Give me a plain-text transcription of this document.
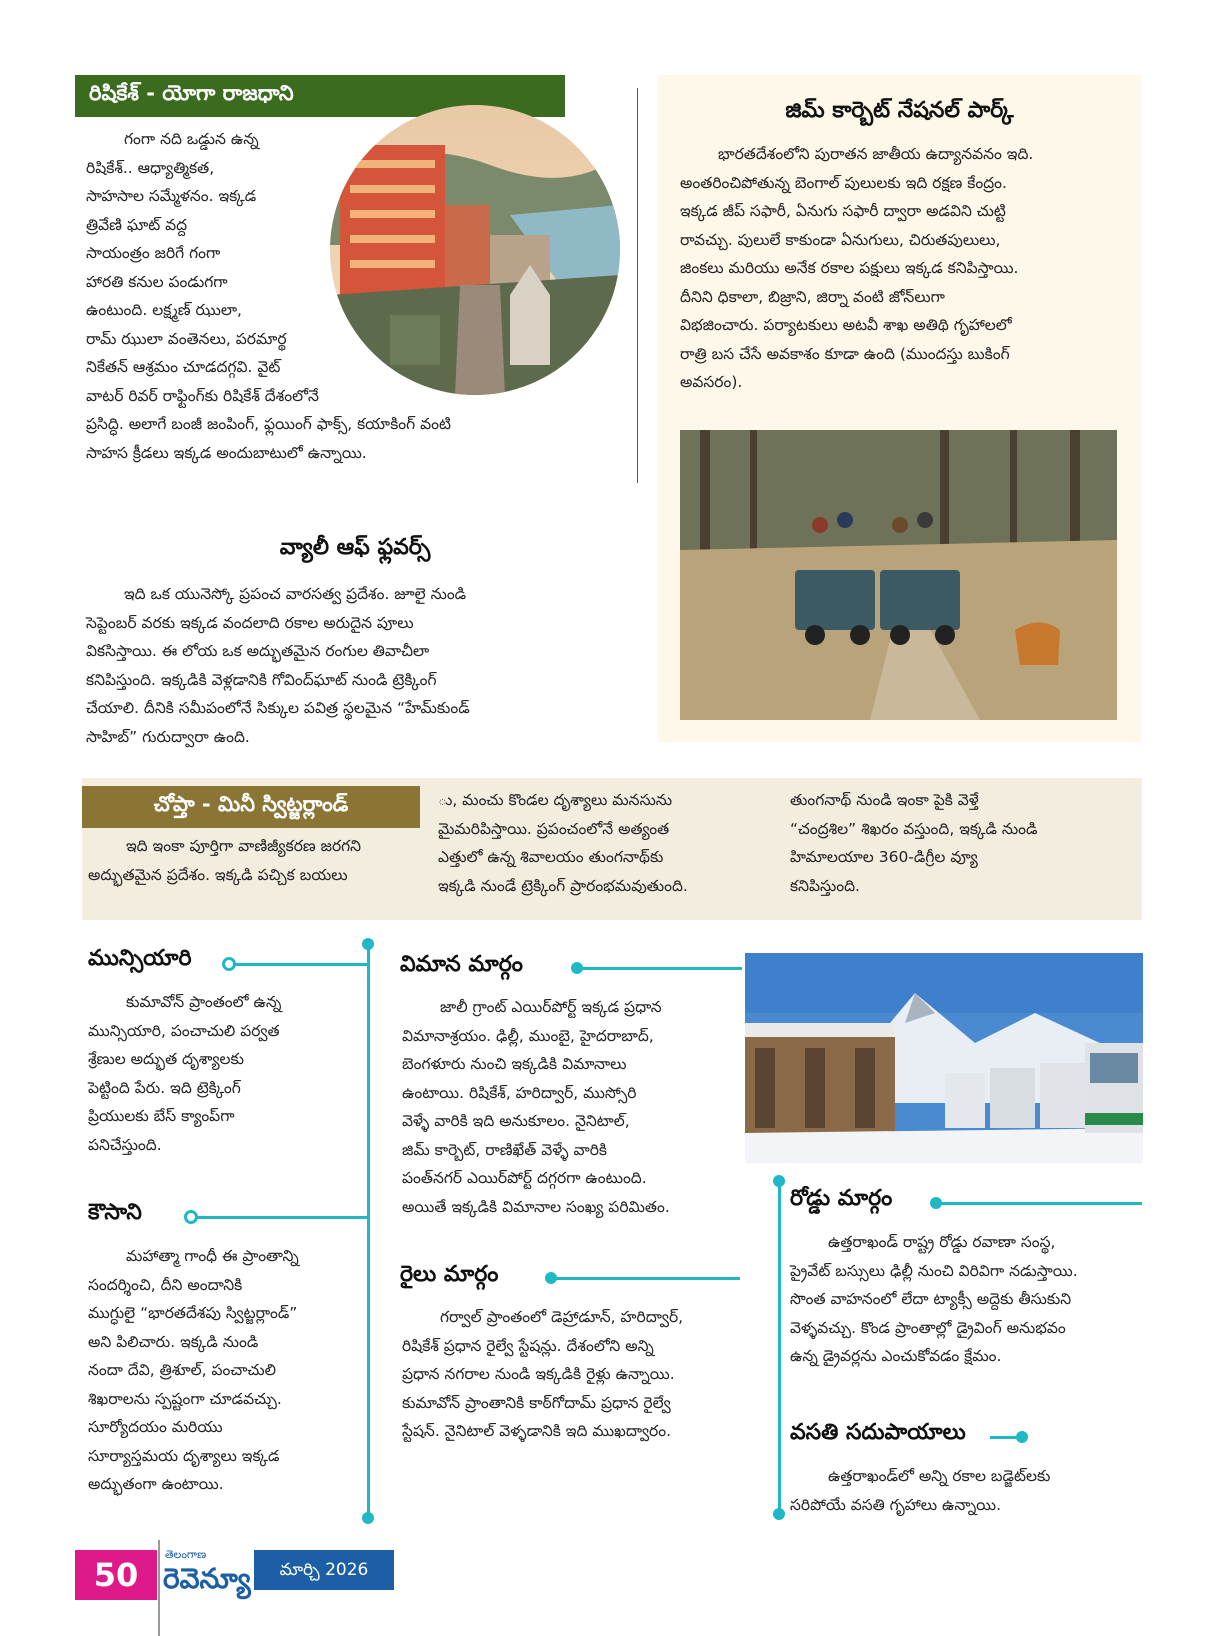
రిషికేశ్ - యోగా రాజధాని

గంగా నది ఒడ్డున ఉన్న

రిషికేశ్.. ఆధ్యాత్మికత,

సాహసాల సమ్మేళనం. ఇక్కడ

త్రివేణి ఘాట్ వద్ద

సాయంత్రం జరిగే గంగా

హారతి కనుల పండుగగా

ఉంటుంది. లక్ష్మణ్ ఝులా,

రామ్ ఝులా వంతెనలు, పరమార్థ

నికేతన్ ఆశ్రమం చూడదగ్గవి. వైట్

వాటర్ రివర్ రాఫ్టింగ్‌కు రిషికేశ్ దేశంలోనే

ప్రసిద్ధి. అలాగే బంజీ జంపింగ్, ఫ్లయింగ్ ఫాక్స్, కయాకింగ్ వంటి

సాహస క్రీడలు ఇక్కడ అందుబాటులో ఉన్నాయి.

జిమ్ కార్బెట్ నేషనల్ పార్క్

భారతదేశంలోని పురాతన జాతీయ ఉద్యానవనం ఇది.

అంతరించిపోతున్న బెంగాల్ పులులకు ఇది రక్షణ కేంద్రం.

ఇక్కడ జీప్ సఫారీ, ఏనుగు సఫారీ ద్వారా అడవిని చుట్టి

రావచ్చు. పులులే కాకుండా ఏనుగులు, చిరుతపులులు,

జింకలు మరియు అనేక రకాల పక్షులు ఇక్కడ కనిపిస్తాయి.

దీనిని ధికాలా, బిజ్రాని, జిర్నా వంటి జోన్‌లుగా

విభజించారు. పర్యాటకులు అటవీ శాఖ అతిథి గృహాలలో

రాత్రి బస చేసే అవకాశం కూడా ఉంది (ముందస్తు బుకింగ్

అవసరం).

వ్యాలీ ఆఫ్ ఫ్లవర్స్

ఇది ఒక యునెస్కో ప్రపంచ వారసత్వ ప్రదేశం. జూలై నుండి

సెప్టెంబర్ వరకు ఇక్కడ వందలాది రకాల అరుదైన పూలు

వికసిస్తాయి. ఈ లోయ ఒక అద్భుతమైన రంగుల తివాచీలా

కనిపిస్తుంది. ఇక్కడికి వెళ్లడానికి గోవింద్‌ఘాట్ నుండి ట్రెక్కింగ్

చేయాలి. దీనికి సమీపంలోనే సిక్కుల పవిత్ర స్థలమైన “హేమ్‌కుండ్

సాహిబ్” గురుద్వారా ఉంది.

చోప్తా - మినీ స్విట్జర్లాండ్

ఇది ఇంకా పూర్తిగా వాణిజ్యీకరణ జరగని

అద్భుతమైన ప్రదేశం. ఇక్కడి పచ్చిక బయలు

ు, మంచు కొండల దృశ్యాలు మనసును

మైమరిపిస్తాయి. ప్రపంచంలోనే అత్యంత

ఎత్తులో ఉన్న శివాలయం తుంగనాథ్‌కు

ఇక్కడి నుండే ట్రెక్కింగ్ ప్రారంభమవుతుంది.

తుంగనాథ్ నుండి ఇంకా పైకి వెళ్తే

“చంద్రశిల” శిఖరం వస్తుంది, ఇక్కడి నుండి

హిమాలయాల 360-డిగ్రీల వ్యూ

కనిపిస్తుంది.

మున్సియారి

కుమావోన్ ప్రాంతంలో ఉన్న

మున్సియారి, పంచాచులి పర్వత

శ్రేణుల అద్భుత దృశ్యాలకు

పెట్టింది పేరు. ఇది ట్రెక్కింగ్

ప్రియులకు బేస్ క్యాంప్‌గా

పనిచేస్తుంది.

కౌసాని

మహాత్మా గాంధీ ఈ ప్రాంతాన్ని

సందర్శించి, దీని అందానికి

ముగ్ధులై “భారతదేశపు స్విట్జర్లాండ్”

అని పిలిచారు. ఇక్కడి నుండి

నందా దేవి, త్రిశూల్, పంచాచులి

శిఖరాలను స్పష్టంగా చూడవచ్చు.

సూర్యోదయం మరియు

సూర్యాస్తమయ దృశ్యాలు ఇక్కడ

అద్భుతంగా ఉంటాయి.

విమాన మార్గం

జాలీ గ్రాంట్ ఎయిర్‌పోర్ట్ ఇక్కడ ప్రధాన

విమానాశ్రయం. ఢిల్లీ, ముంబై, హైదరాబాద్,

బెంగళూరు నుంచి ఇక్కడికి విమానాలు

ఉంటాయి. రిషికేశ్, హరిద్వార్, ముస్సోరి

వెళ్ళే వారికి ఇది అనుకూలం. నైనిటాల్,

జిమ్ కార్బెట్, రాణిఖేత్ వెళ్ళే వారికి

పంత్‌నగర్ ఎయిర్‌పోర్ట్ దగ్గరగా ఉంటుంది.

అయితే ఇక్కడికి విమానాల సంఖ్య పరిమితం.

రైలు మార్గం

గర్వాల్ ప్రాంతంలో డెహ్రాడూన్, హరిద్వార్,

రిషికేశ్ ప్రధాన రైల్వే స్టేషన్లు. దేశంలోని అన్ని

ప్రధాన నగరాల నుండి ఇక్కడికి రైళ్లు ఉన్నాయి.

కుమావోన్ ప్రాంతానికి కాఠ్‌గోదామ్ ప్రధాన రైల్వే

స్టేషన్. నైనిటాల్ వెళ్ళడానికి ఇది ముఖద్వారం.

రోడ్డు మార్గం

ఉత్తరాఖండ్ రాష్ట్ర రోడ్డు రవాణా సంస్థ,

ప్రైవేట్ బస్సులు ఢిల్లీ నుంచి విరివిగా నడుస్తాయి.

సొంత వాహనంలో లేదా ట్యాక్సీ అద్దెకు తీసుకుని

వెళ్ళవచ్చు. కొండ ప్రాంతాల్లో డ్రైవింగ్ అనుభవం

ఉన్న డ్రైవర్లను ఎంచుకోవడం క్షేమం.

వసతి సదుపాయాలు

ఉత్తరాఖండ్‌లో అన్ని రకాల బడ్జెట్‌లకు

సరిపోయే వసతి గృహాలు ఉన్నాయి.

50
తెలంగాణ
రెవెన్యూ	మార్చి 2026
